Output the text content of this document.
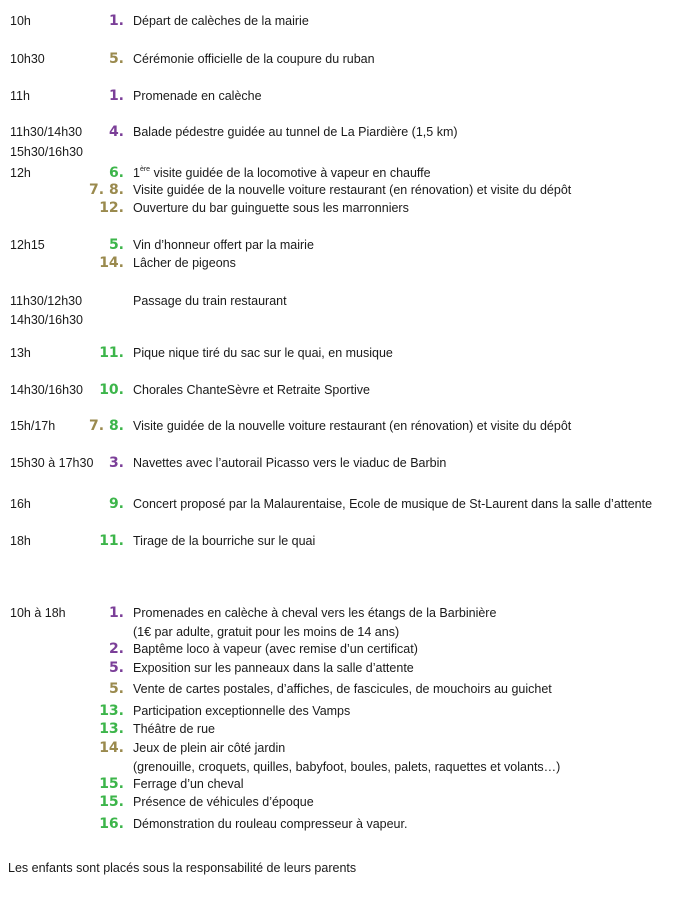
10h	1. Départ de calèches de la mairie
10h30	5. Cérémonie officielle de la coupure du ruban
11h	1. Promenade en calèche
11h30/14h30	4. Balade pédestre guidée au tunnel de La Piardière (1,5 km)
15h30/16h30
12h	6. 1ère visite guidée de la locomotive à vapeur en chauffe
7. 8. Visite guidée de la nouvelle voiture restaurant (en rénovation) et visite du dépôt
12. Ouverture du bar guinguette sous les marronniers
12h15	5. Vin d’honneur offert par la mairie
14. Lâcher de pigeons
11h30/12h30	Passage du train restaurant
14h30/16h30
13h	11. Pique nique tiré du sac sur le quai, en musique
14h30/16h30	10. Chorales ChanteSèvre et Retraite Sportive
15h/17h	7. 8. Visite guidée de la nouvelle voiture restaurant (en rénovation) et visite du dépôt
15h30 à 17h30	3. Navettes avec l’autorail Picasso vers le viaduc de Barbin
16h	9. Concert proposé par la Malaurentaise, Ecole de musique de St-Laurent dans la salle d’attente
18h	11. Tirage de la bourriche sur le quai
10h à 18h	1. Promenades en calèche à cheval vers les étangs de la Barbinière
(1€ par adulte, gratuit pour les moins de 14 ans)
2. Baptême loco à vapeur (avec remise d’un certificat)
5. Exposition sur les panneaux dans la salle d’attente
5. Vente de cartes postales, d’affiches, de fascicules, de mouchoirs au guichet
13. Participation exceptionnelle des Vamps
13. Théâtre de rue
14. Jeux de plein air côté jardin
(grenouille, croquets, quilles, babyfoot, boules, palets, raquettes et volants…)
15. Ferrage d’un cheval
15. Présence de véhicules d’époque
16. Démonstration du rouleau compresseur à vapeur.
Les enfants sont placés sous la responsabilité de leurs parents
